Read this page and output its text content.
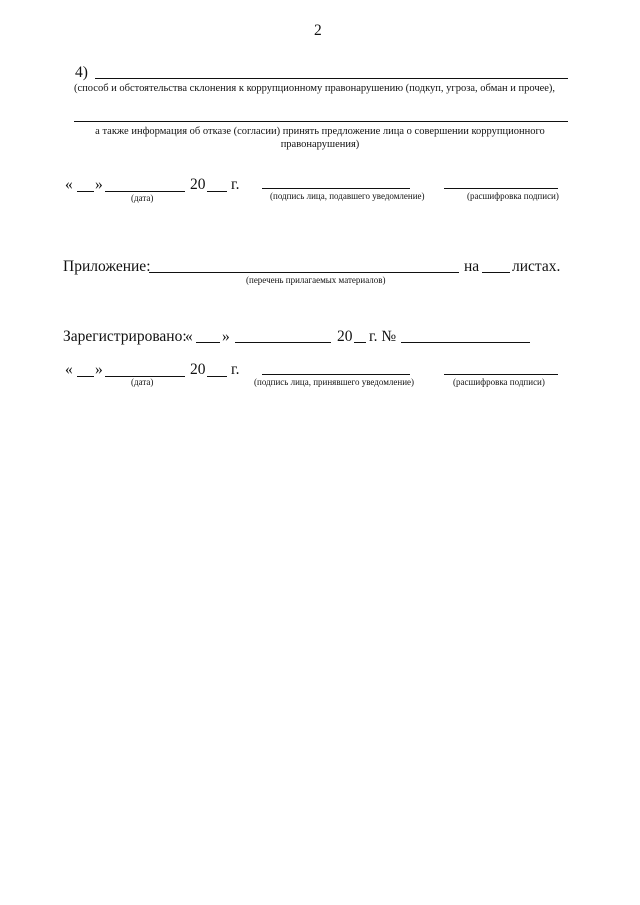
2
4)
(способ и обстоятельства склонения к коррупционному правонарушению (подкуп, угроза, обман и прочее),
а также информация об отказе (согласии) принять предложение лица о совершении коррупционного
правонарушения)
« »	20 г.
(дата)	(подпись лица, подавшего уведомление)	(расшифровка подписи)
Приложение:	на листах.
(перечень прилагаемых материалов)
Зарегистрировано:
« »	20 г. №
« »	20 г.
(дата)	(подпись лица, принявшего уведомление)	(расшифровка подписи)
